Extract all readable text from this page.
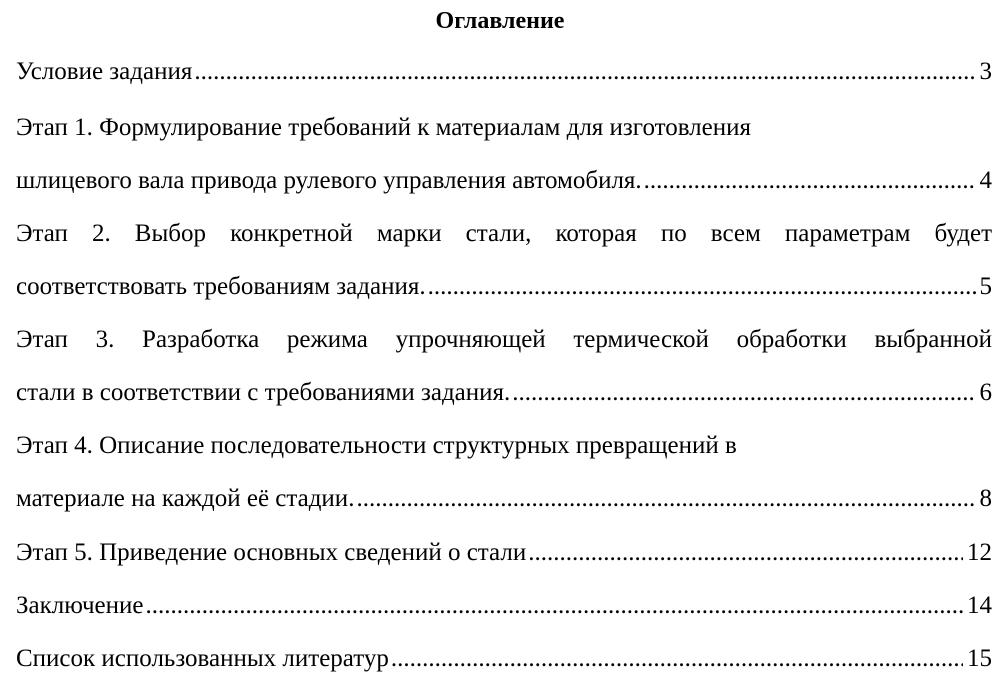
Оглавление
Условие задания .....	3
Этап 1. Формулирование требований к материалам для изготовления
шлицевого вала привода рулевого управления автомобиля. .....	4
Этап 2. Выбор конкретной марки стали, которая по всем параметрам будет
соответствовать требованиям задания. .....	5
Этап 3. Разработка режима упрочняющей термической обработки выбранной
стали в соответствии с требованиями задания. .....	6
Этап 4. Описание последовательности структурных превращений в
материале на каждой её стадии. .....	8
Этап 5. Приведение основных сведений о стали .....	12
Заключение .....	14
Список использованных литератур .....	15
